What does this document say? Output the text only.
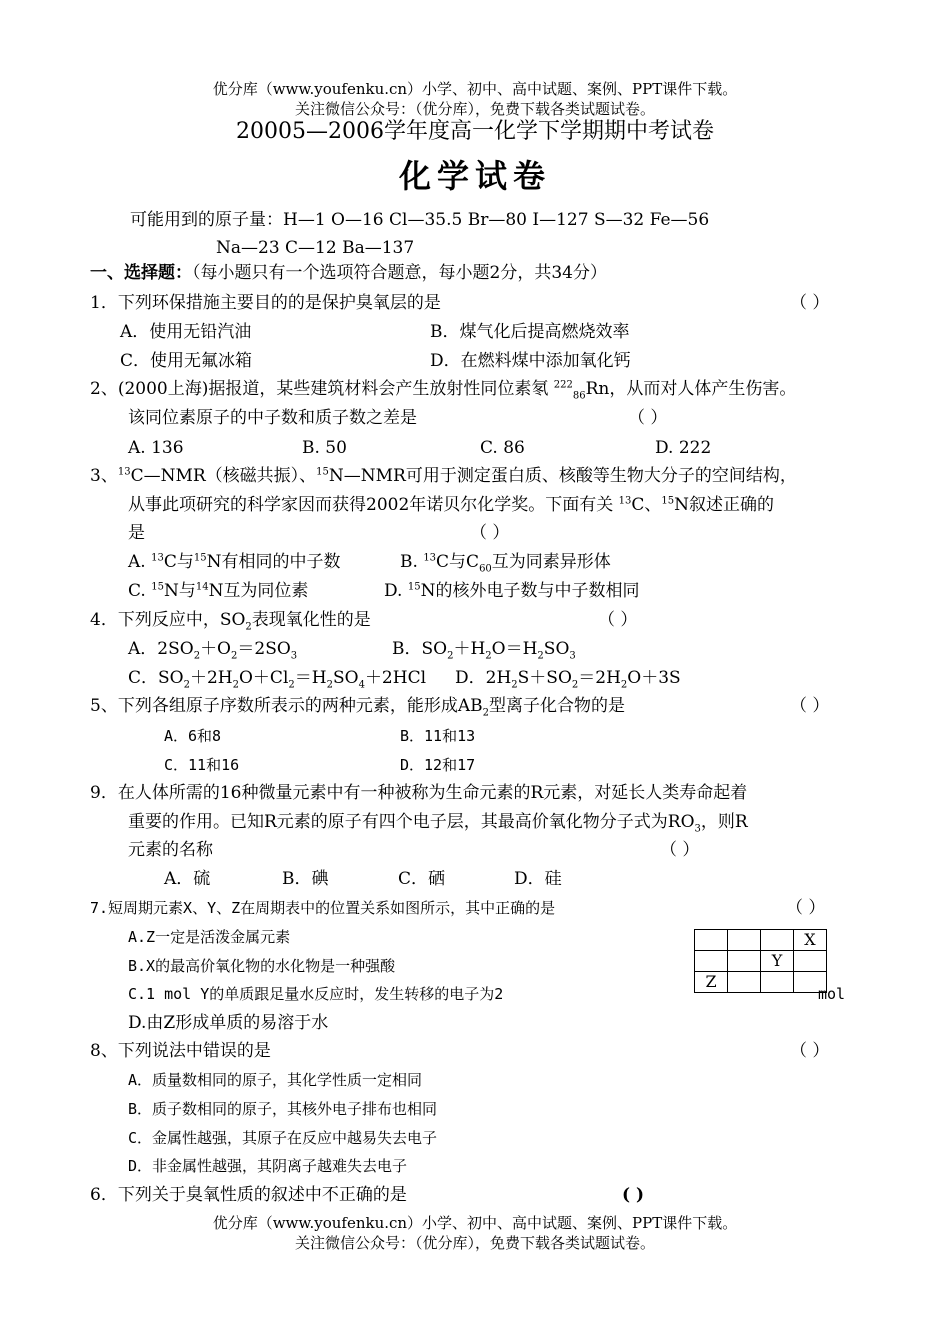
优分库（www.youfenku.cn）小学、初中、高中试题、案例、PPT课件下载。
关注微信公众号：（优分库），免费下载各类试题试卷。
20005—2006学年度高一化学下学期期中考试卷
化学试卷
可能用到的原子量：H—1 O—16 Cl—35.5 Br—80 I—127 S—32 Fe—56
Na—23 C—12 Ba—137
一、选择题：（每小题只有一个选项符合题意，每小题2分，共34分）
1．下列环保措施主要目的的是保护臭氧层的是	（ ）
A．使用无铅汽油	B．煤气化后提高燃烧效率
C．使用无氟冰箱	D．在燃料煤中添加氧化钙
2、(2000上海)据报道，某些建筑材料会产生放射性同位素氡 $^{222}_{86}$Rn，从而对人体产生伤害。
该同位素原子的中子数和质子数之差是	（ ）
A. 136	B. 50	C. 86	D. 222
3、$^{13}$C—NMR（核磁共振）、$^{15}$N—NMR可用于测定蛋白质、核酸等生物大分子的空间结构，
从事此项研究的科学家因而获得2002年诺贝尔化学奖。下面有关 $^{13}$C、$^{15}$N叙述正确的
是	（ ）
A. $^{13}$C与$^{15}$N有相同的中子数	B. $^{13}$C与$C_{60}$互为同素异形体
C. $^{15}$N与$^{14}$N互为同位素	D. $^{15}$N的核外电子数与中子数相同
4．下列反应中，$SO_2$表现氧化性的是	（ ）
A．$2SO_2+O_2=2SO_3$	B．$SO_2+H_2O=H_2SO_3$
C．$SO_2+2H_2O+Cl_2=H_2SO_4+2HCl$ D．$2H_2S+SO_2=2H_2O+3S$
5、下列各组原子序数所表示的两种元素，能形成$AB_2$型离子化合物的是	（ ）
A．6和8	B．11和13
C．11和16	D．12和17
9．在人体所需的16种微量元素中有一种被称为生命元素的R元素，对延长人类寿命起着
重要的作用。已知R元素的原子有四个电子层，其最高价氧化物分子式为$RO_3$，则R
元素的名称	（ ）
A．硫	B．碘	C．硒	D．硅
7.短周期元素X、Y、Z在周期表中的位置关系如图所示，其中正确的是	（ ）
A.Z一定是活泼金属元素
B.X的最高价氧化物的水化物是一种强酸
C.1 mol Y的单质跟足量水反应时，发生转移的电子为2	mol
D.由Z形成单质的易溶于水
			X
		Y	
Z			
8、下列说法中错误的是	（ ）
A．质量数相同的原子，其化学性质一定相同
B．质子数相同的原子，其核外电子排布也相同
C．金属性越强，其原子在反应中越易失去电子
D．非金属性越强，其阴离子越难失去电子
6．下列关于臭氧性质的叙述中不正确的是	( )
优分库（www.youfenku.cn）小学、初中、高中试题、案例、PPT课件下载。
关注微信公众号：（优分库），免费下载各类试题试卷。
